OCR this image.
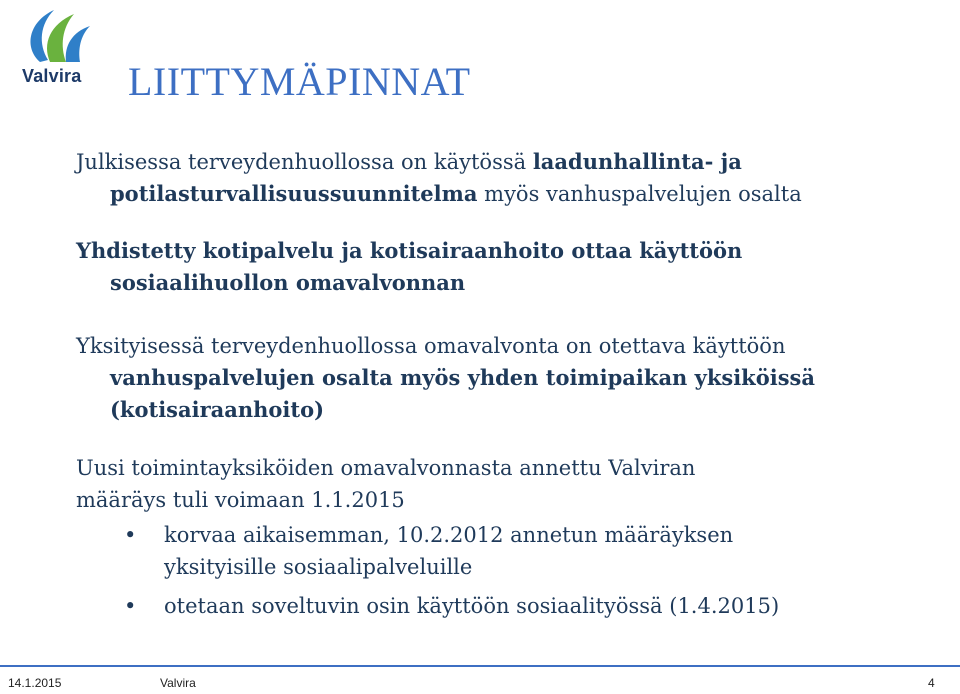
Valvira LIITTYMÄPINNAT
Julkisessa terveydenhuollossa on käytössä laadunhallinta- ja
potilasturvallisuussuunnitelma myös vanhuspalvelujen osalta
Yhdistetty kotipalvelu ja kotisairaanhoito ottaa käyttöön
sosiaalihuollon omavalvonnan
Yksityisessä terveydenhuollossa omavalvonta on otettava käyttöön
vanhuspalvelujen osalta myös yhden toimipaikan yksiköissä
(kotisairaanhoito)
Uusi toimintayksiköiden omavalvonnasta annettu Valviran
määräys tuli voimaan 1.1.2015
•	korvaa aikaisemman, 10.2.2012 annetun määräyksen
yksityisille sosiaalipalveluille
•	otetaan soveltuvin osin käyttöön sosiaalityössä (1.4.2015)
14.1.2015	Valvira	4
